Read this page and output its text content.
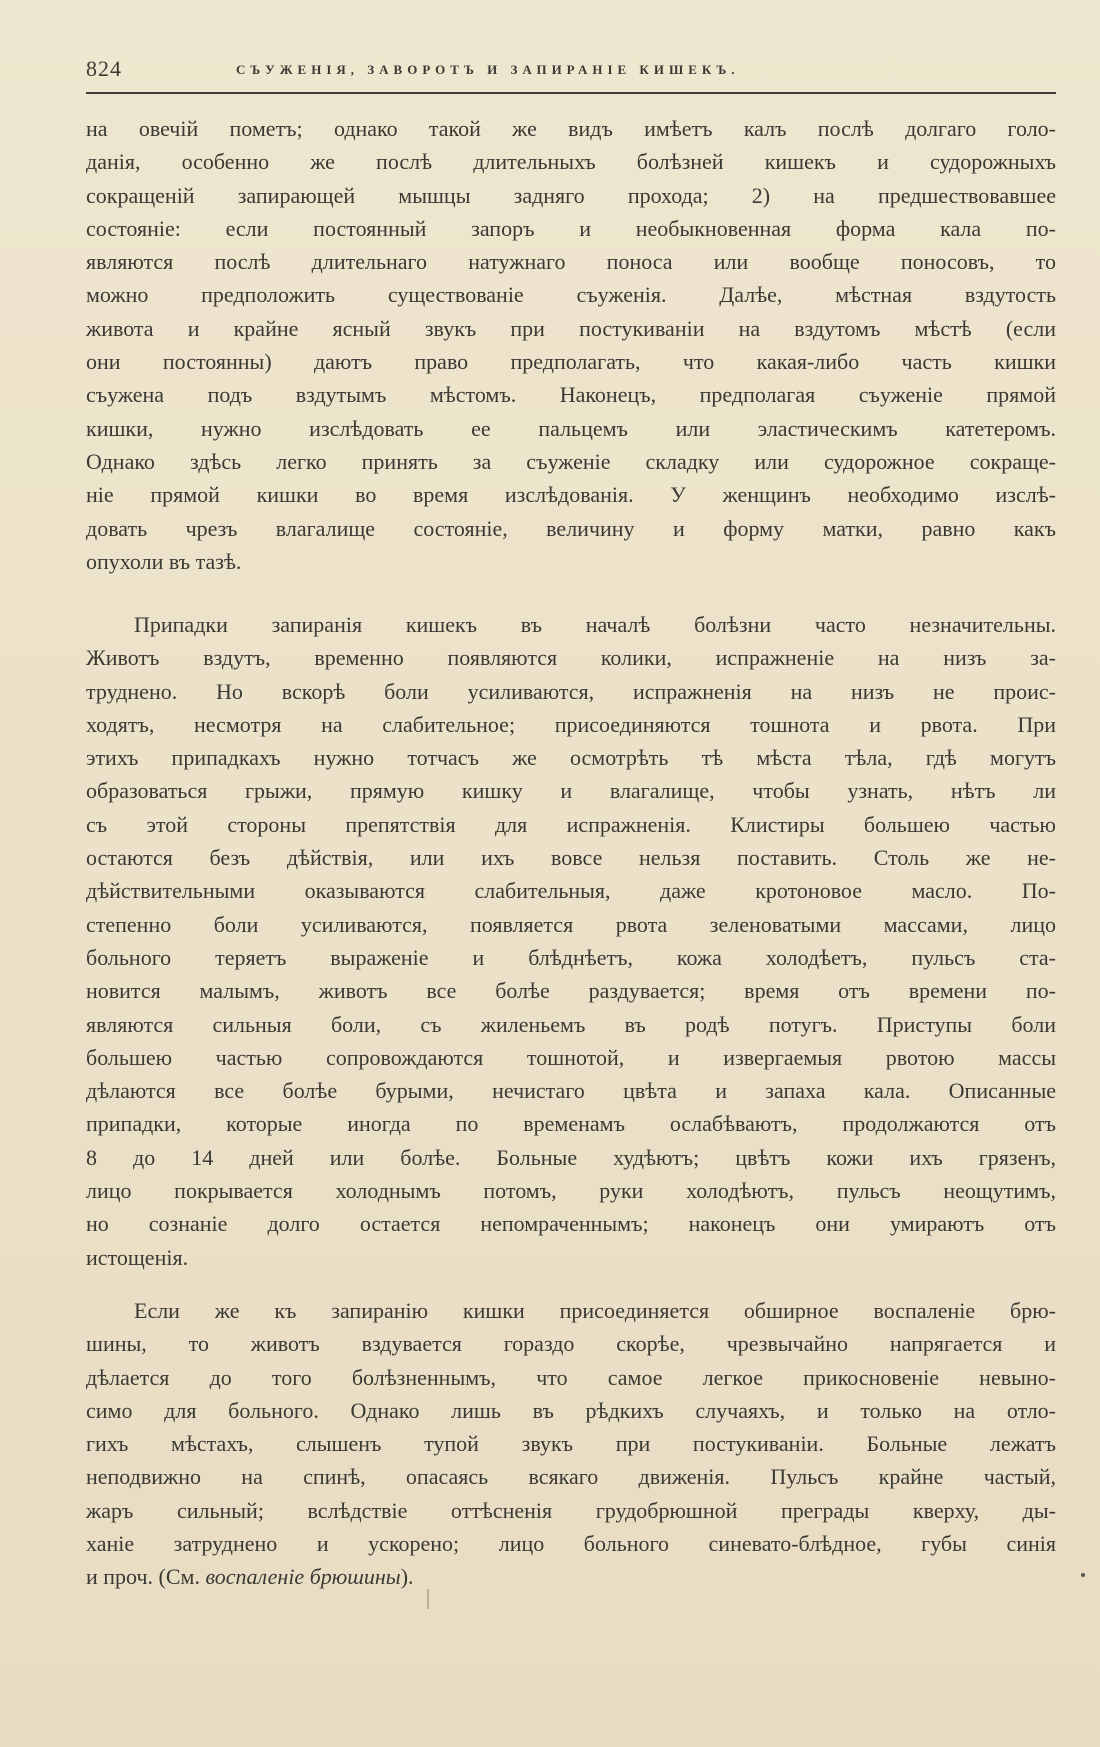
824	СЪУЖЕНІЯ, ЗАВОРОТЪ И ЗАПИРАНІЕ КИШЕКЪ.
на овечій пометъ; однако такой же видъ имѣетъ калъ послѣ долгаго голо-
данія, особенно же послѣ длительныхъ болѣзней кишекъ и судорожныхъ
сокращеній запирающей мышцы задняго прохода; 2) на предшествовавшее
состояніе: если постоянный запоръ и необыкновенная форма кала по-
являются послѣ длительнаго натужнаго поноса или вообще поносовъ, то
можно предположить существованіе съуженія. Далѣе, мѣстная вздутость
живота и крайне ясный звукъ при постукиваніи на вздутомъ мѣстѣ (если
они постоянны) даютъ право предполагать, что какая-либо часть кишки
съужена подъ вздутымъ мѣстомъ. Наконецъ, предполагая съуженіе прямой
кишки, нужно изслѣдовать ее пальцемъ или эластическимъ катетеромъ.
Однако здѣсь легко принять за съуженіе складку или судорожное сокраще-
ніе прямой кишки во время изслѣдованія. У женщинъ необходимо изслѣ-
довать чрезъ влагалище состояніе, величину и форму матки, равно какъ
опухоли въ тазѣ.
Припадки запиранія кишекъ въ началѣ болѣзни часто незначительны.
Животъ вздутъ, временно появляются колики, испражненіе на низъ за-
труднено. Но вскорѣ боли усиливаются, испражненія на низъ не проис-
ходятъ, несмотря на слабительное; присоединяются тошнота и рвота. При
этихъ припадкахъ нужно тотчасъ же осмотрѣть тѣ мѣста тѣла, гдѣ могутъ
образоваться грыжи, прямую кишку и влагалище, чтобы узнать, нѣтъ ли
съ этой стороны препятствія для испражненія. Клистиры большею частью
остаются безъ дѣйствія, или ихъ вовсе нельзя поставить. Столь же не-
дѣйствительными оказываются слабительныя, даже кротоновое масло. По-
степенно боли усиливаются, появляется рвота зеленоватыми массами, лицо
больного теряетъ выраженіе и блѣднѣетъ, кожа холодѣетъ, пульсъ ста-
новится малымъ, животъ все болѣе раздувается; время отъ времени по-
являются сильныя боли, съ жиленьемъ въ родѣ потугъ. Приступы боли
большею частью сопровождаются тошнотой, и извергаемыя рвотою массы
дѣлаются все болѣе бурыми, нечистаго цвѣта и запаха кала. Описанные
припадки, которые иногда по временамъ ослабѣваютъ, продолжаются отъ
8 до 14 дней или болѣе. Больные худѣютъ; цвѣтъ кожи ихъ грязенъ,
лицо покрывается холоднымъ потомъ, руки холодѣютъ, пульсъ неощутимъ,
но сознаніе долго остается непомраченнымъ; наконецъ они умираютъ отъ
истощенія.
Если же къ запиранію кишки присоединяется обширное воспаленіе брю-
шины, то животъ вздувается гораздо скорѣе, чрезвычайно напрягается и
дѣлается до того болѣзненнымъ, что самое легкое прикосновеніе невыно-
симо для больного. Однако лишь въ рѣдкихъ случаяхъ, и только на отло-
гихъ мѣстахъ, слышенъ тупой звукъ при постукиваніи. Больные лежатъ
неподвижно на спинѣ, опасаясь всякаго движенія. Пульсъ крайне частый,
жаръ сильный; вслѣдствіе оттѣсненія грудобрюшной преграды кверху, ды-
ханіе затруднено и ускорено; лицо больного синевато-блѣдное, губы синія
и проч. (См. воспаленіе брюшины).
